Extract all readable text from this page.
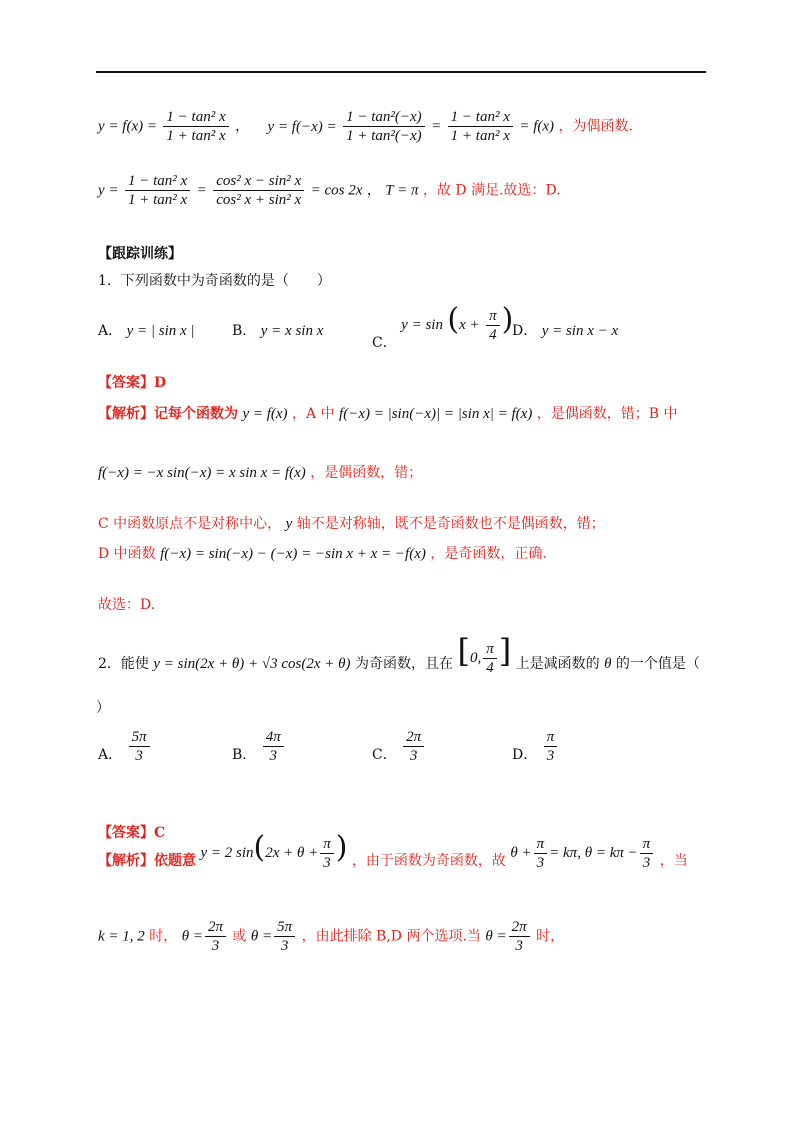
$y = f(x) = \frac{\text{1 − tan² x}}{\text{1 + tan² x}}$ ， $y = f(-x) = \frac{\text{1 − tan²(−x)}}{\text{1 + tan²(−x)}} = \frac{\text{1 − tan² x}}{\text{1 + tan² x}} = f(x)$ ，为偶函数.
$y = \frac{\text{1 − tan² x}}{\text{1 + tan² x}} = \frac{\text{cos² x − sin² x}}{\text{cos² x + sin² x}} = \cos 2x$ ， T = π ，故 D 满足.故选：D.
【跟踪训练】
1．下列函数中为奇函数的是（　　）
A． y = | sin x |	B． y = x sin x
C． $y = \sin (x + \frac{\pi}{4}$ )
D． y = sin x − x
【答案】D
【解析】记每个函数为 y = f(x) ，A 中 f(−x) = |sin(−x)| = |sin x| = f(x) ，是偶函数，错；B 中
f(−x) = −x sin(−x) = x sin x = f(x) ，是偶函数，错；
C 中函数原点不是对称中心， y 轴不是对称轴，既不是奇函数也不是偶函数，错；
D 中函数 f(−x) = sin(−x) − (−x) = −sin x + x = −f(x) ，是奇函数，正确.
故选：D.
2．能使 y = sin(2x + θ) + √3 cos(2x + θ) 为奇函数，且在 [0, $\frac{\pi}{4}$ ] 上是减函数的 θ 的一个值是（
）
A． $\frac{5\pi}{3}$	B． $\frac{4\pi}{3}$	C． $\frac{2\pi}{3}$	D． $\frac{\pi}{3}$
【答案】C
【解析】依题意 y = 2 $\sin(2x + \theta + \frac{\pi}{3}$ ) ，由于函数为奇函数，故 $\theta + \frac{\pi}{3} = k\pi$, $\theta = k\pi - \frac{\pi}{3}$ ，当
k = 1, 2 时， $\theta = \frac{2\pi}{3}$ 或 $\theta = \frac{5\pi}{3}$ ，由此排除 B,D 两个选项.当 $\theta = \frac{2\pi}{3}$ 时，
